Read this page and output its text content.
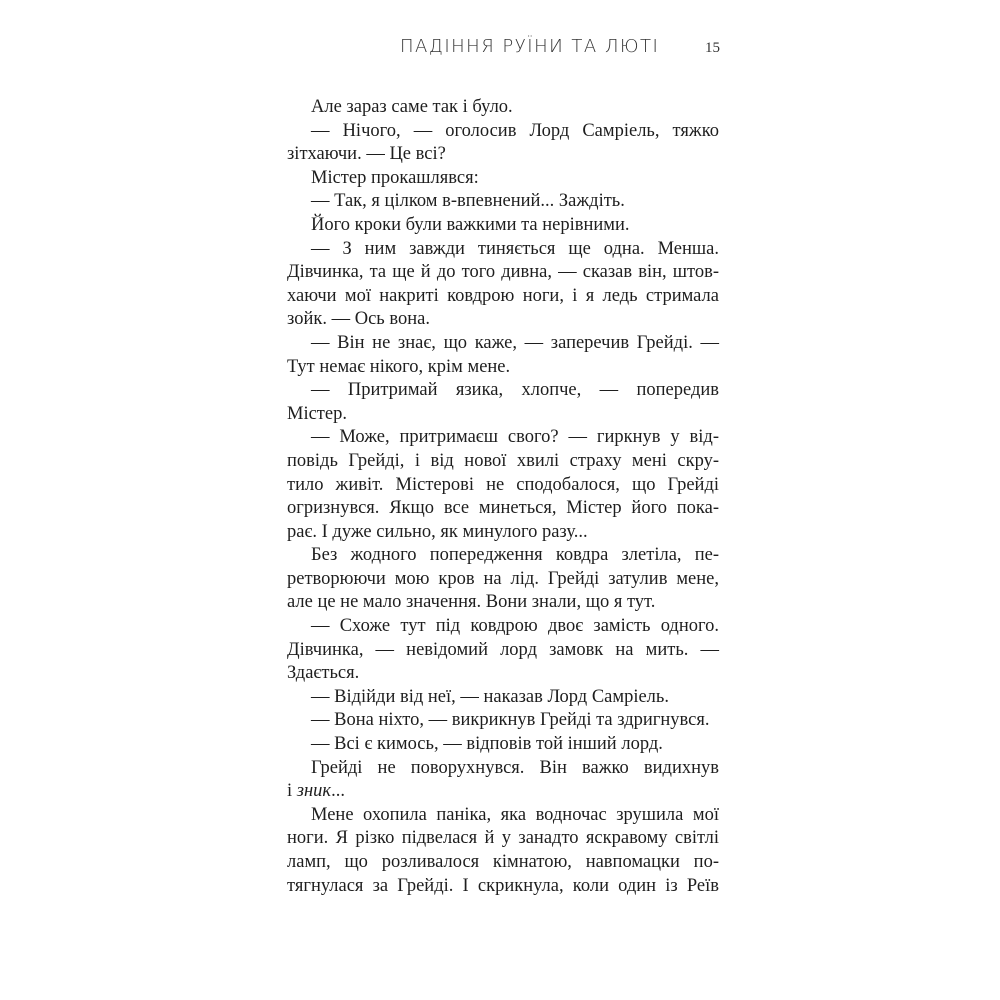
ПАДІННЯ РУЇНИ ТА ЛЮТІ	15
Але зараз саме так і було.
— Нічого, — оголосив Лорд Самріель, тяжко
зітхаючи. — Це всі?
Містер прокашлявся:
— Так, я цілком в-впевнений... Заждіть.
Його кроки були важкими та нерівними.
— З ним завжди тиняється ще одна. Менша.
Дівчинка, та ще й до того дивна, — сказав він, штов-
хаючи мої накриті ковдрою ноги, і я ледь стримала
зойк. — Ось вона.
— Він не знає, що каже, — заперечив Грейді. —
Тут немає нікого, крім мене.
— Притримай язика, хлопче, — попередив
Містер.
— Може, притримаєш свого? — гиркнув у від-
повідь Грейді, і від нової хвилі страху мені скру-
тило живіт. Містерові не сподобалося, що Грейді
огризнувся. Якщо все минеться, Містер його пока-
рає. І дуже сильно, як минулого разу...
Без жодного попередження ковдра злетіла, пе-
ретворюючи мою кров на лід. Грейді затулив мене,
але це не мало значення. Вони знали, що я тут.
— Схоже тут під ковдрою двоє замість одного.
Дівчинка, — невідомий лорд замовк на мить. —
Здається.
— Відійди від неї, — наказав Лорд Самріель.
— Вона ніхто, — викрикнув Грейді та здригнувся.
— Всі є кимось, — відповів той інший лорд.
Грейді не поворухнувся. Він важко видихнув
і зник...
Мене охопила паніка, яка водночас зрушила мої
ноги. Я різко підвелася й у занадто яскравому світлі
ламп, що розливалося кімнатою, навпомацки по-
тягнулася за Грейді. І скрикнула, коли один із Реїв
